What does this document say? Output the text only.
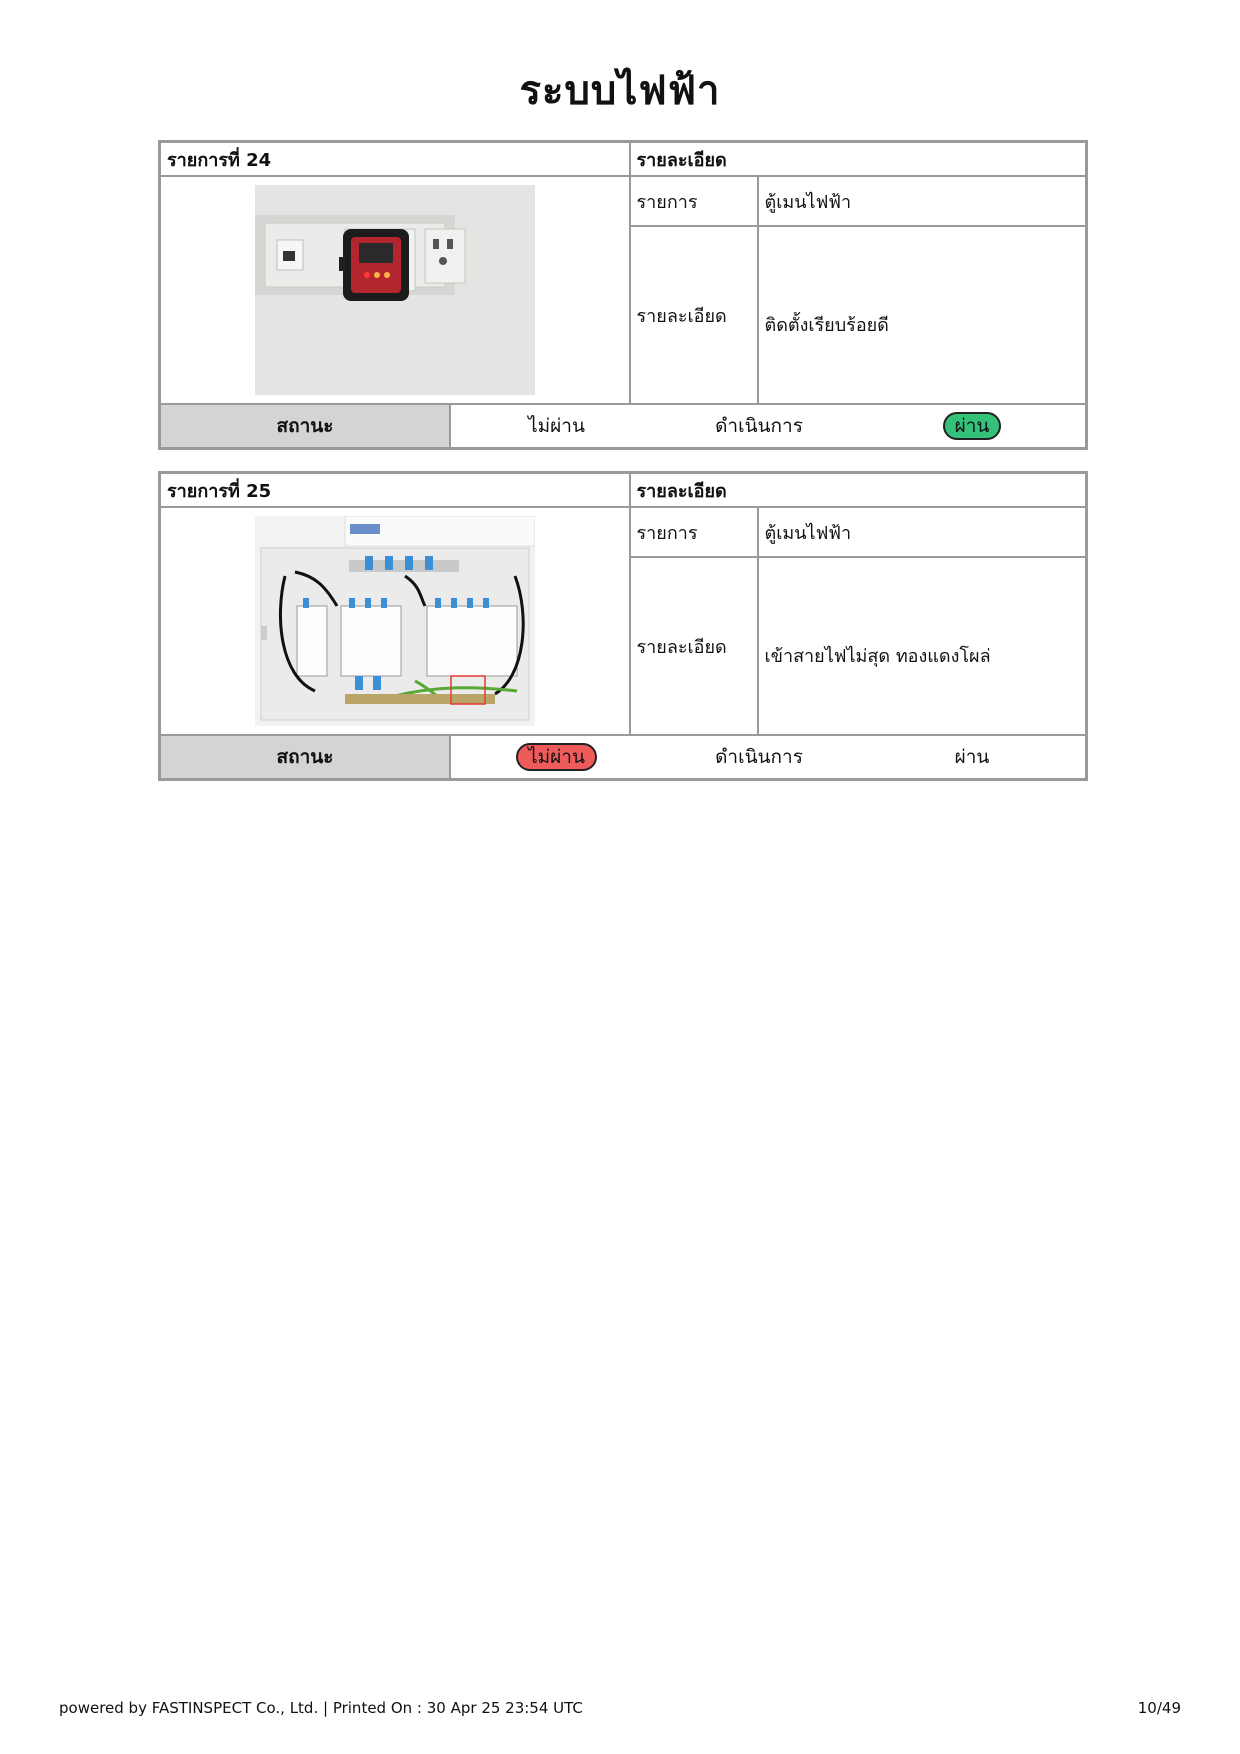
ระบบไฟฟ้า
รายการที่ 24	รายละเอียด

	รายการ	ตู้เมนไฟฟ้า
รายละเอียด	ติดตั้งเรียบร้อยดี

สถานะ	ไม่ผ่าน	ดำเนินการ	ผ่าน
รายการที่ 25	รายละเอียด

	รายการ	ตู้เมนไฟฟ้า
รายละเอียด	เข้าสายไฟไม่สุด ทองแดงโผล่

สถานะ	ไม่ผ่าน	ดำเนินการ	ผ่าน
powered by FASTINSPECT Co., Ltd. | Printed On : 30 Apr 25 23:54 UTC	10/49
